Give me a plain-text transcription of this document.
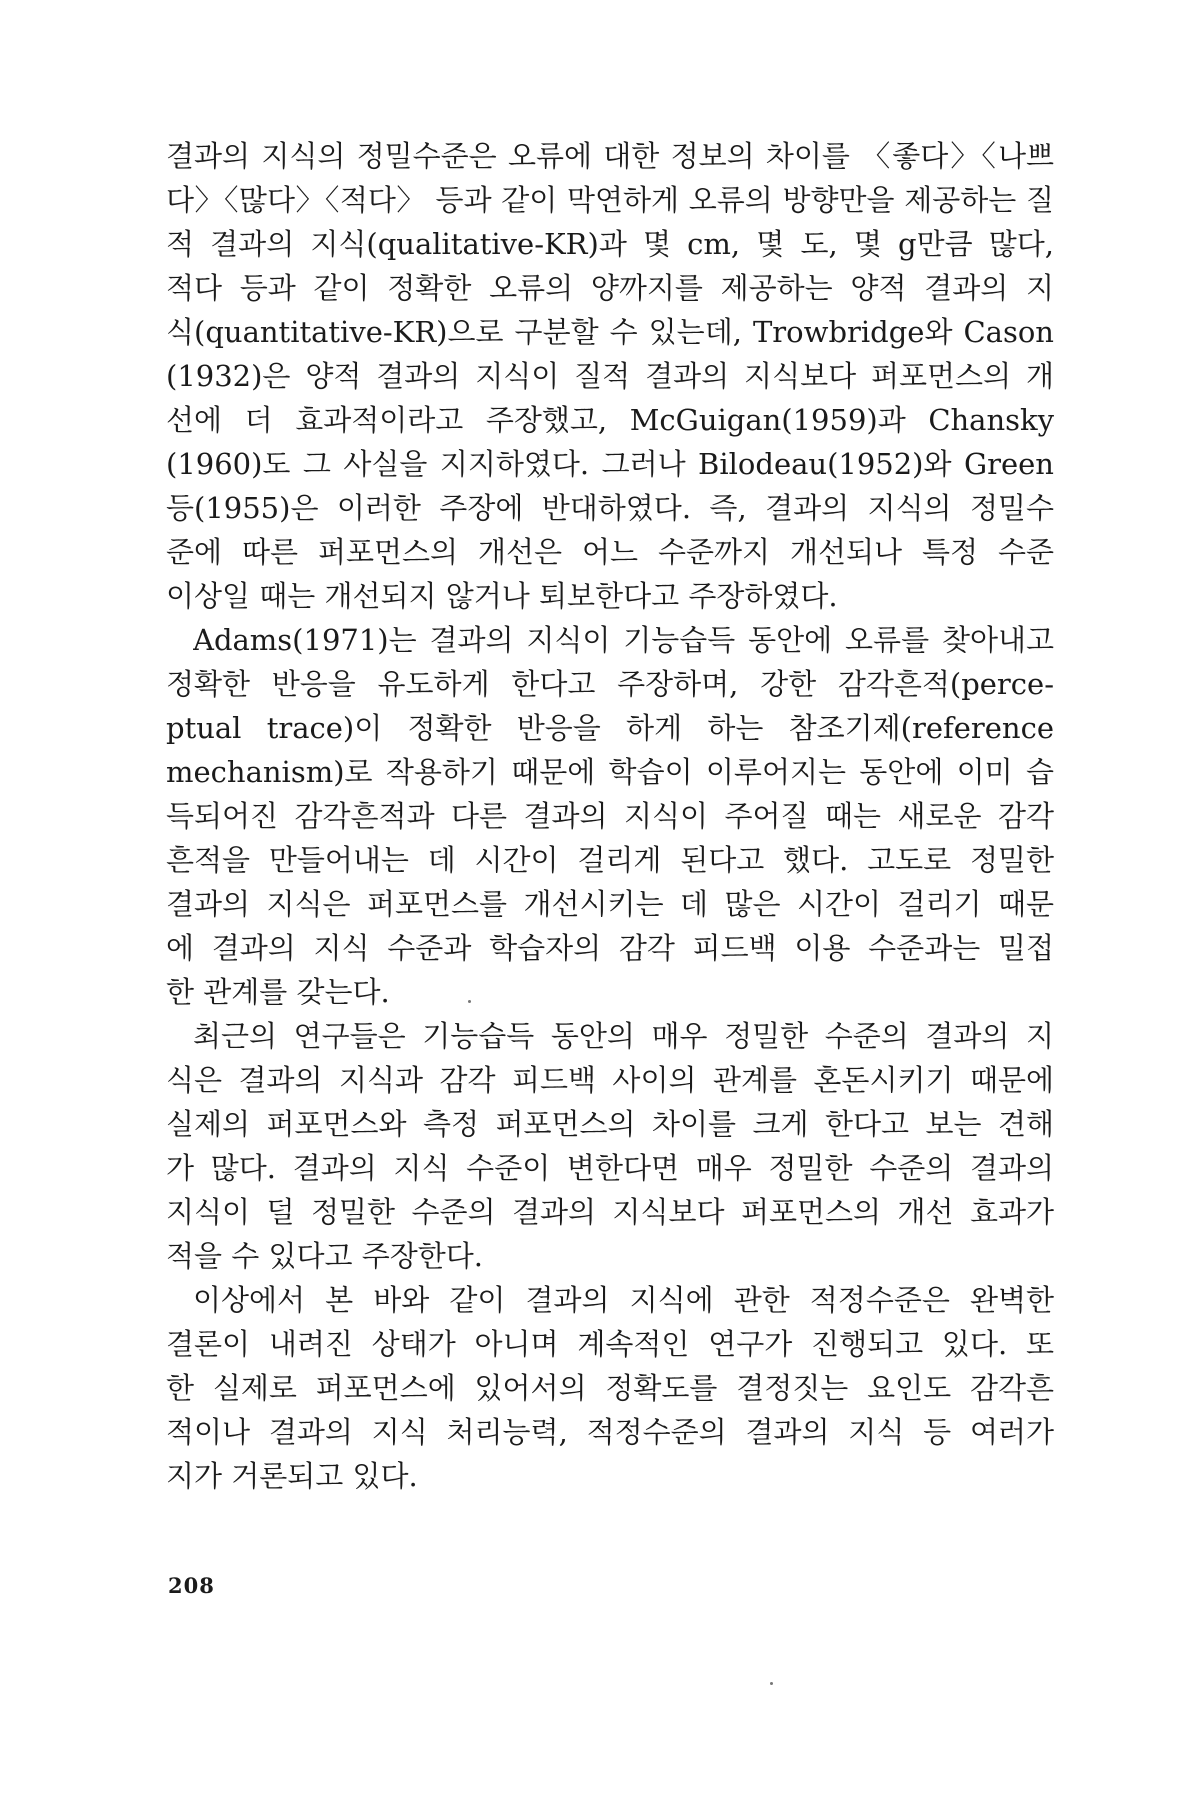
결과의 지식의 정밀수준은 오류에 대한 정보의 차이를 〈좋다〉〈나쁘
다〉〈많다〉〈적다〉 등과 같이 막연하게 오류의 방향만을 제공하는 질
적 결과의 지식(qualitative-KR)과 몇 cm, 몇 도, 몇 g만큼 많다,
적다 등과 같이 정확한 오류의 양까지를 제공하는 양적 결과의 지
식(quantitative-KR)으로 구분할 수 있는데, Trowbridge와 Cason
(1932)은 양적 결과의 지식이 질적 결과의 지식보다 퍼포먼스의 개
선에 더 효과적이라고 주장했고, McGuigan(1959)과 Chansky
(1960)도 그 사실을 지지하였다. 그러나 Bilodeau(1952)와 Green
등(1955)은 이러한 주장에 반대하였다. 즉, 결과의 지식의 정밀수
준에 따른 퍼포먼스의 개선은 어느 수준까지 개선되나 특정 수준
이상일 때는 개선되지 않거나 퇴보한다고 주장하였다.
Adams(1971)는 결과의 지식이 기능습득 동안에 오류를 찾아내고
정확한 반응을 유도하게 한다고 주장하며, 강한 감각흔적(perce-
ptual trace)이 정확한 반응을 하게 하는 참조기제(reference
mechanism)로 작용하기 때문에 학습이 이루어지는 동안에 이미 습
득되어진 감각흔적과 다른 결과의 지식이 주어질 때는 새로운 감각
흔적을 만들어내는 데 시간이 걸리게 된다고 했다. 고도로 정밀한
결과의 지식은 퍼포먼스를 개선시키는 데 많은 시간이 걸리기 때문
에 결과의 지식 수준과 학습자의 감각 피드백 이용 수준과는 밀접
한 관계를 갖는다.
최근의 연구들은 기능습득 동안의 매우 정밀한 수준의 결과의 지
식은 결과의 지식과 감각 피드백 사이의 관계를 혼돈시키기 때문에
실제의 퍼포먼스와 측정 퍼포먼스의 차이를 크게 한다고 보는 견해
가 많다. 결과의 지식 수준이 변한다면 매우 정밀한 수준의 결과의
지식이 덜 정밀한 수준의 결과의 지식보다 퍼포먼스의 개선 효과가
적을 수 있다고 주장한다.
이상에서 본 바와 같이 결과의 지식에 관한 적정수준은 완벽한
결론이 내려진 상태가 아니며 계속적인 연구가 진행되고 있다. 또
한 실제로 퍼포먼스에 있어서의 정확도를 결정짓는 요인도 감각흔
적이나 결과의 지식 처리능력, 적정수준의 결과의 지식 등 여러가
지가 거론되고 있다.
208
